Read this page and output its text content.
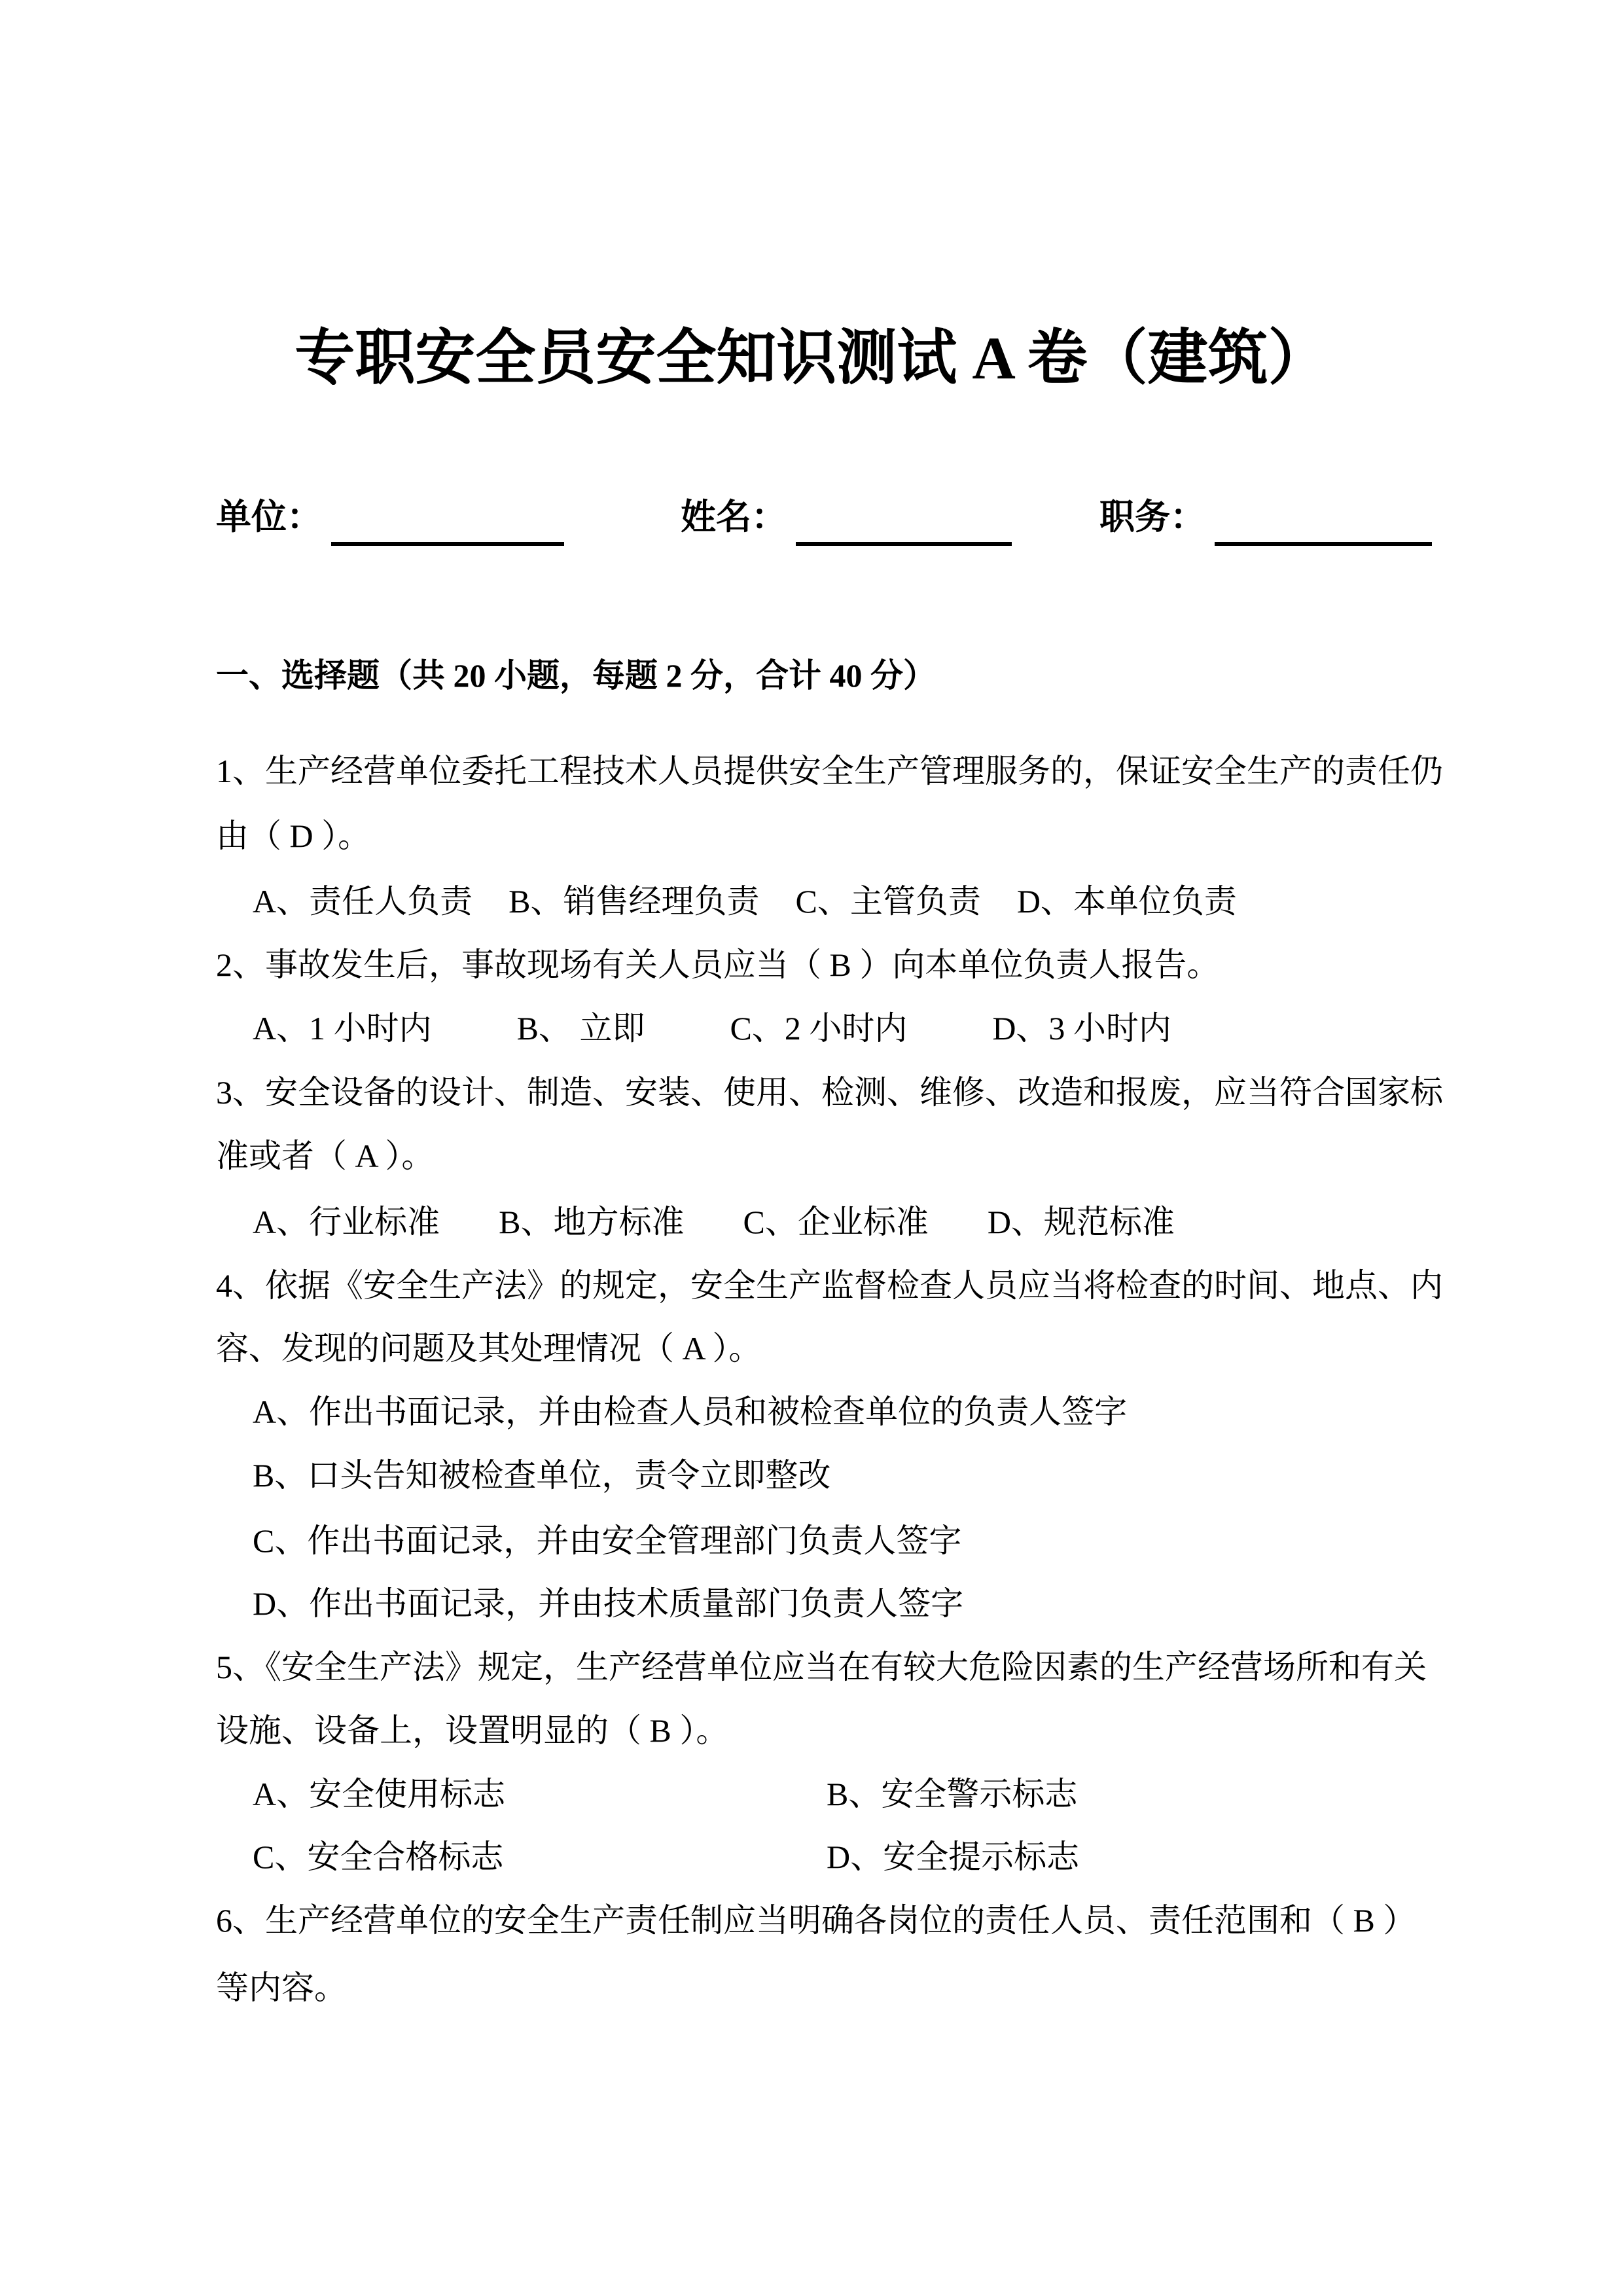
专职安全员安全知识测试 A 卷（建筑）
单位：	姓名：	职务：
一、选择题（共 20 小题，每题 2 分，合计 40 分）
1、生产经营单位委托工程技术人员提供安全生产管理服务的，保证安全生产的责任仍
由（ D ）。
A、责任人负责 B、销售经理负责 C、主管负责 D、本单位负责
2、事故发生后，事故现场有关人员应当（ B ）向本单位负责人报告。
A、1 小时内	B、 立即	C、2 小时内	D、3 小时内
3、安全设备的设计、制造、安装、使用、检测、维修、改造和报废，应当符合国家标
准或者（ A ）。
A、行业标准 B、地方标准 C、企业标准 D、规范标准
4、依据《安全生产法》的规定，安全生产监督检查人员应当将检查的时间、地点、内
容、发现的问题及其处理情况（ A ）。
A、作出书面记录，并由检查人员和被检查单位的负责人签字
B、口头告知被检查单位，责令立即整改
C、作出书面记录，并由安全管理部门负责人签字
D、作出书面记录，并由技术质量部门负责人签字
5、《安全生产法》规定，生产经营单位应当在有较大危险因素的生产经营场所和有关
设施、设备上，设置明显的（ B ）。
A、安全使用标志	B、安全警示标志
C、安全合格标志	D、安全提示标志
6、生产经营单位的安全生产责任制应当明确各岗位的责任人员、责任范围和（ B ）
等内容。
